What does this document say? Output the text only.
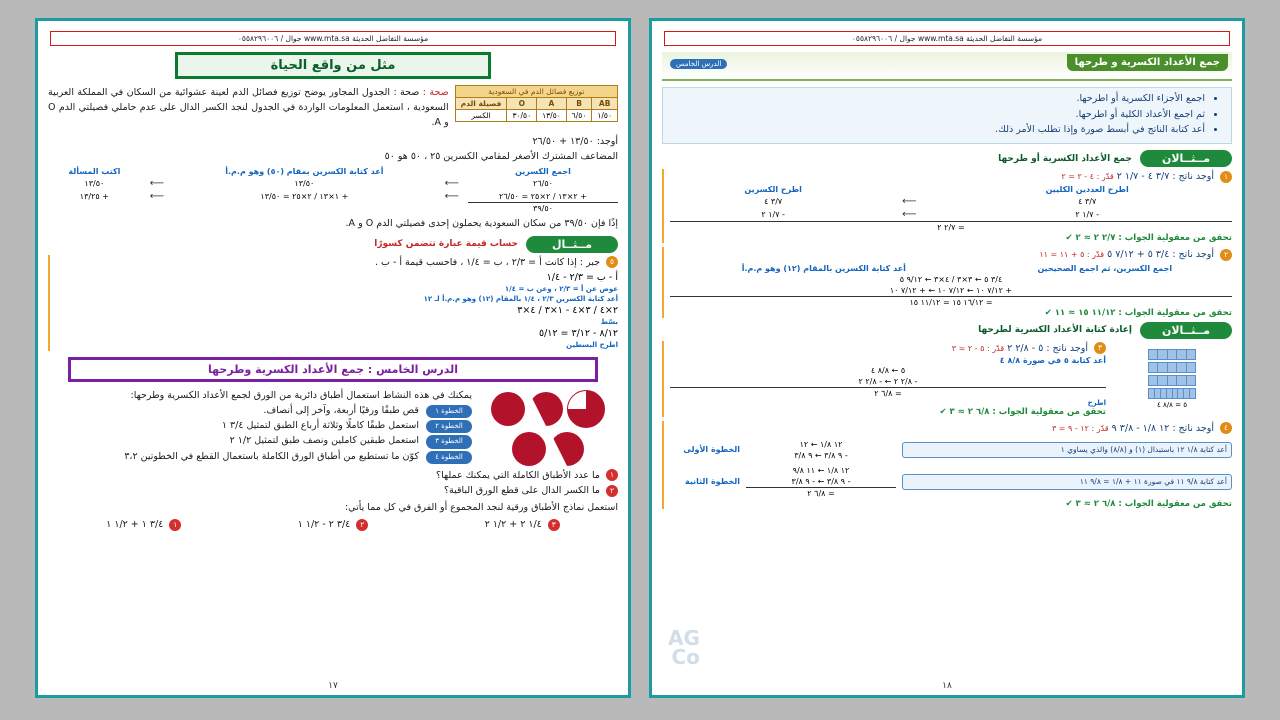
مؤسسة التفاضل الحديثة www.mta.sa جوال / ٠٥٥٨٢٩٦٠٠٦
جمع الأعداد الكسرية و طرحها
الدرس الخامس
• اجمع الأجزاء الكسرية أو اطرحها.
• ثم اجمع الأعداد الكلية أو اطرحها.
• أعد كتابة الناتج في أبسط صورة وإذا تطلب الأمر ذلك.
مــثــالان
جمع الأعداد الكسرية أو طرحها
١ أوجد ناتج : ٣/٧ ٤ - ١/٧ ٢ قدّر : ٤ - ٢ = ٢
اطرح العددين الكليين		اطرح الكسرين
٣/٧ ٤	⟵	٣/٧ ٤
- ١/٧ ٢	⟵	- ١/٧ ٢
= ٢/٧ ٢		
تحقق من معقولية الجواب : ٢/٧ ٢ ≈ ٢ ✔
٢ أوجد ناتج : ٣/٤ ٥ + ٧/١٢ ٥ قدّر : ٥ + ١١ = ١١
اجمع الكسرين، ثم اجمع الصحيحين	أعد كتابة الكسرين بالمقام (١٢) وهو م.م.أ
٣/٤ ٥ ← ٣×٣ / ٤×٣ ← ٩/١٢ ٥
+ ٧/١٢ ١٠ ← ٧/١٢ ١٠ ← + ٧/١٢ ١٠
= ١٦/١٢ ١٥ = ١١/١٢ ١٥
تحقق من معقولية الجواب : ١١/١٢ ١٥ ≈ ١١ ✔
مــثــالان
إعادة كتابة الأعداد الكسرية لطرحها
٥ = ٨/٨ ٤
٣ أوجد ناتج : ٥ - ٢/٨ ٢ قدّر : ٥ - ٢ = ٣
أعد كتابة ٥ في صورة ٨/٨ ٤
٥ ← ٨/٨ ٤
- ٢/٨ ٢ ← - ٢/٨ ٢
= ٦/٨ ٢
اطرح
تحقق من معقولية الجواب : ٦/٨ ٢ ≈ ٣ ✔
٤ أوجد ناتج : ١٢ ١/٨ - ٣/٨ ٩ قدّر : ١٢ - ٩ = ٣
أعد كتابة ١/٨ ١٢ باستبدال (١) و (٨/٨) والذي يساوي ١
١٢ ١/٨ ← ١٢
- ٩ ٣/٨ ← ٩ ٣/٨
الخطوة الأولى
أعد كتابة ٩/٨ ١١ في صورة ١١ + ١/٨ = ٩/٨ ١١
١٢ ١/٨ ← ١١ ٩/٨
- ٩ ٣/٨ ← - ٩ ٣/٨
= ٦/٨ ٢
الخطوة الثانية
تحقق من معقولية الجواب : ٦/٨ ٢ ≈ ٣ ✔
AG
Co
١٨
مؤسسة التفاضل الحديثة www.mta.sa جوال / ٠٥٥٨٢٩٦٠٠٦
مثل من واقع الحياة
توزيع فصائل الدم في السعودية
AB	B	A	O	فصيلة الدم
١/٥٠	٦/٥٠	١٣/٥٠	٣٠/٥٠	الكسر
صحة : صحة : الجدول المجاور يوضح توزيع فصائل الدم لعينة عشوائية من السكان في المملكة العربية السعودية ، استعمل المعلومات الواردة في الجدول لنجد الكسر الدال على عدم حاملي فصيلتي الدم O و A.
أوجد: ١٣/٥٠ + ٢٦/٥٠
المضاعف المشترك الأصغر لمقامي الكسرين ٢٥ ، ٥٠ هو ٥٠
اجمع الكسرين		أعد كتابة الكسرين بمقام (٥٠) وهو م.م.أ		اكتب المسألة
٢٦/٥٠	⟵	١٣/٥٠	⟵	١٣/٥٠
+ ٢×١٣ / ٢×٢٥ = ٢٦/٥٠	⟵	+ ١×١٣ / ٢×٢٥ = ١٣/٥٠	⟵	+ ١٣/٢٥
٣٩/٥٠				
إذًا فإن ٣٩/٥٠ من سكان السعودية يحملون إحدى فصيلتي الدم O و A.
مــثــال
حساب قيمة عبارة تتضمن كسورًا
٥ جبر : إذا كانت أ = ٢/٣ ، ب = ١/٤ ، فاحسب قيمة أ - ب .
أ - ب = ٢/٣ - ١/٤
عوض عن أ = ٢/٣ ، وعن ب = ١/٤
أعد كتابة الكسرين ٢/٣ ، ١/٤ بالمقام (١٢) وهو م.م.أ لـ ١٢
٢×٤ / ٣×٤ - ١×٣ / ٤×٣
بسّط
٨/١٢ - ٣/١٢ = ٥/١٢
اطرح البسطين
الدرس الخامس : جمع الأعداد الكسرية وطرحها
يمكنك في هذه النشاط استعمال أطباق دائرية من الورق لجمع الأعداد الكسرية وطرحها:
الخطوة ١ قص طبقًا ورقيًا أربعة، وآخر إلى أنصاف.
الخطوة ٢ استعمل طبقًا كاملًا وثلاثة أرباع الطبق لتمثيل ٣/٤ ١
الخطوة ٣ استعمل طبقين كاملين ونصف طبق لتمثيل ١/٢ ٢
الخطوة ٤ كوّن ما تستطيع من أطباق الورق الكاملة باستعمال القطع في الخطوتين ٣،٢
١ ما عدد الأطباق الكاملة التي يمكنك عملها؟
٢ ما الكسر الدال على قطع الورق الباقية؟
استعمل نماذج الأطباق ورقية لنجد المجموع أو الفرق في كل مما يأتي:
٣ ١/٤ ٢ + ١/٢ ٢
٢ ٣/٤ ٢ - ١/٢ ١
١ ٣/٤ ١ + ١/٢ ١
١٧
